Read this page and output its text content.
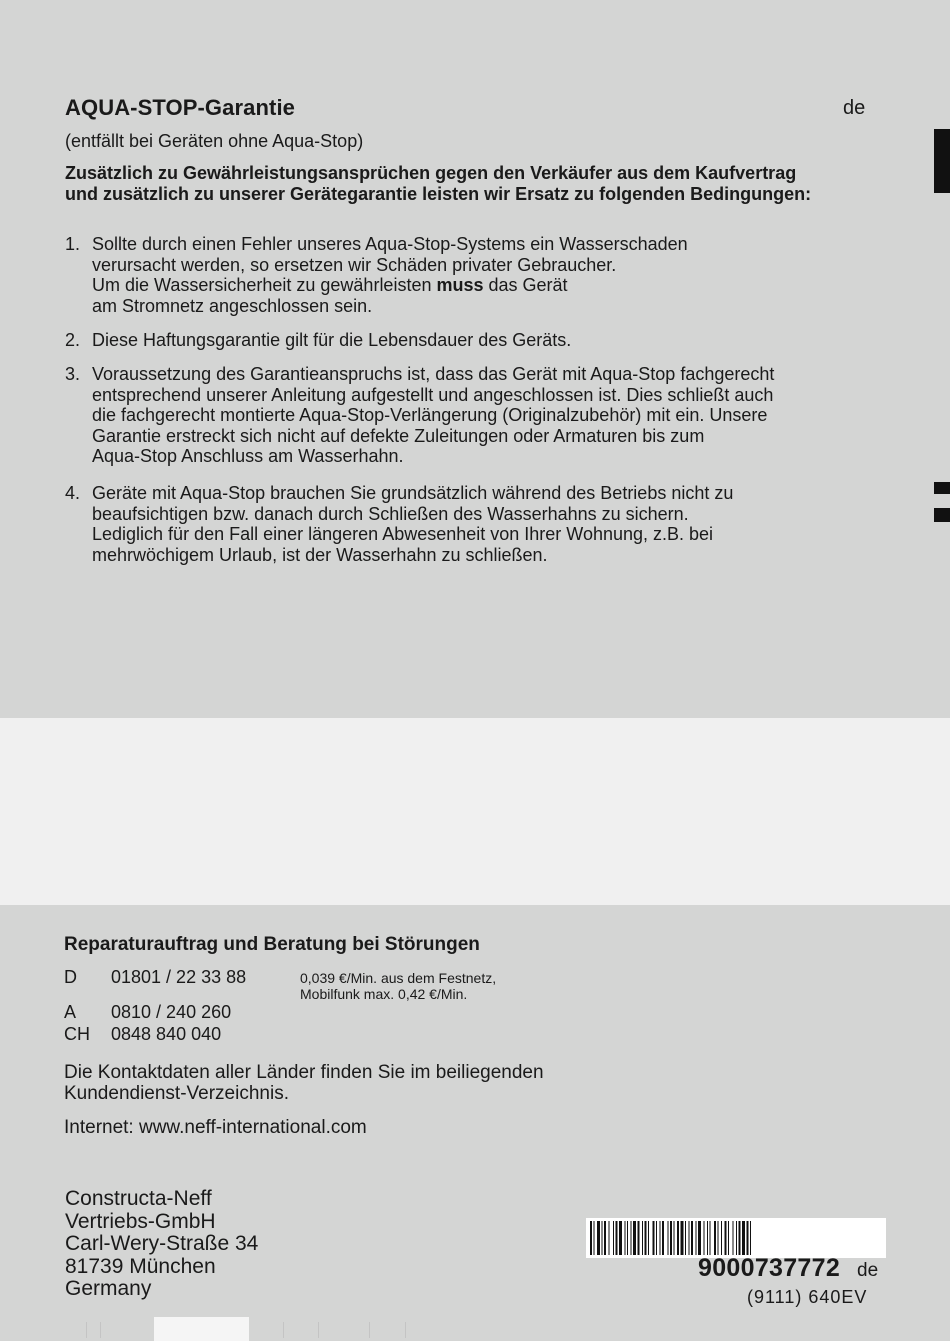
AQUA-STOP-Garantie	de
(entfällt bei Geräten ohne Aqua-Stop)
Zusätzlich zu Gewährleistungsansprüchen gegen den Verkäufer aus dem Kaufvertrag
und zusätzlich zu unserer Gerätegarantie leisten wir Ersatz zu folgenden Bedingungen:
1. Sollte durch einen Fehler unseres Aqua-Stop-Systems ein Wasserschaden
verursacht werden, so ersetzen wir Schäden privater Gebraucher.
Um die Wassersicherheit zu gewährleisten muss das Gerät
am Stromnetz angeschlossen sein.
2. Diese Haftungsgarantie gilt für die Lebensdauer des Geräts.
3. Voraussetzung des Garantieanspruchs ist, dass das Gerät mit Aqua-Stop fachgerecht
entsprechend unserer Anleitung aufgestellt und angeschlossen ist. Dies schließt auch
die fachgerecht montierte Aqua-Stop-Verlängerung (Originalzubehör) mit ein. Unsere
Garantie erstreckt sich nicht auf defekte Zuleitungen oder Armaturen bis zum
Aqua-Stop Anschluss am Wasserhahn.
4. Geräte mit Aqua-Stop brauchen Sie grundsätzlich während des Betriebs nicht zu
beaufsichtigen bzw. danach durch Schließen des Wasserhahns zu sichern.
Lediglich für den Fall einer längeren Abwesenheit von Ihrer Wohnung, z.B. bei
mehrwöchigem Urlaub, ist der Wasserhahn zu schließen.
Reparaturauftrag und Beratung bei Störungen
D 01801 / 22 33 88	0,039 €/Min. aus dem Festnetz,
Mobilfunk max. 0,42 €/Min.
A 0810 / 240 260
CH 0848 840 040
Die Kontaktdaten aller Länder finden Sie im beiliegenden
Kundendienst-Verzeichnis.
Internet: www.neff-international.com
Constructa-Neff
Vertriebs-GmbH
Carl-Wery-Straße 34
81739 München
Germany
9000737772 de
(9111) 640EV
